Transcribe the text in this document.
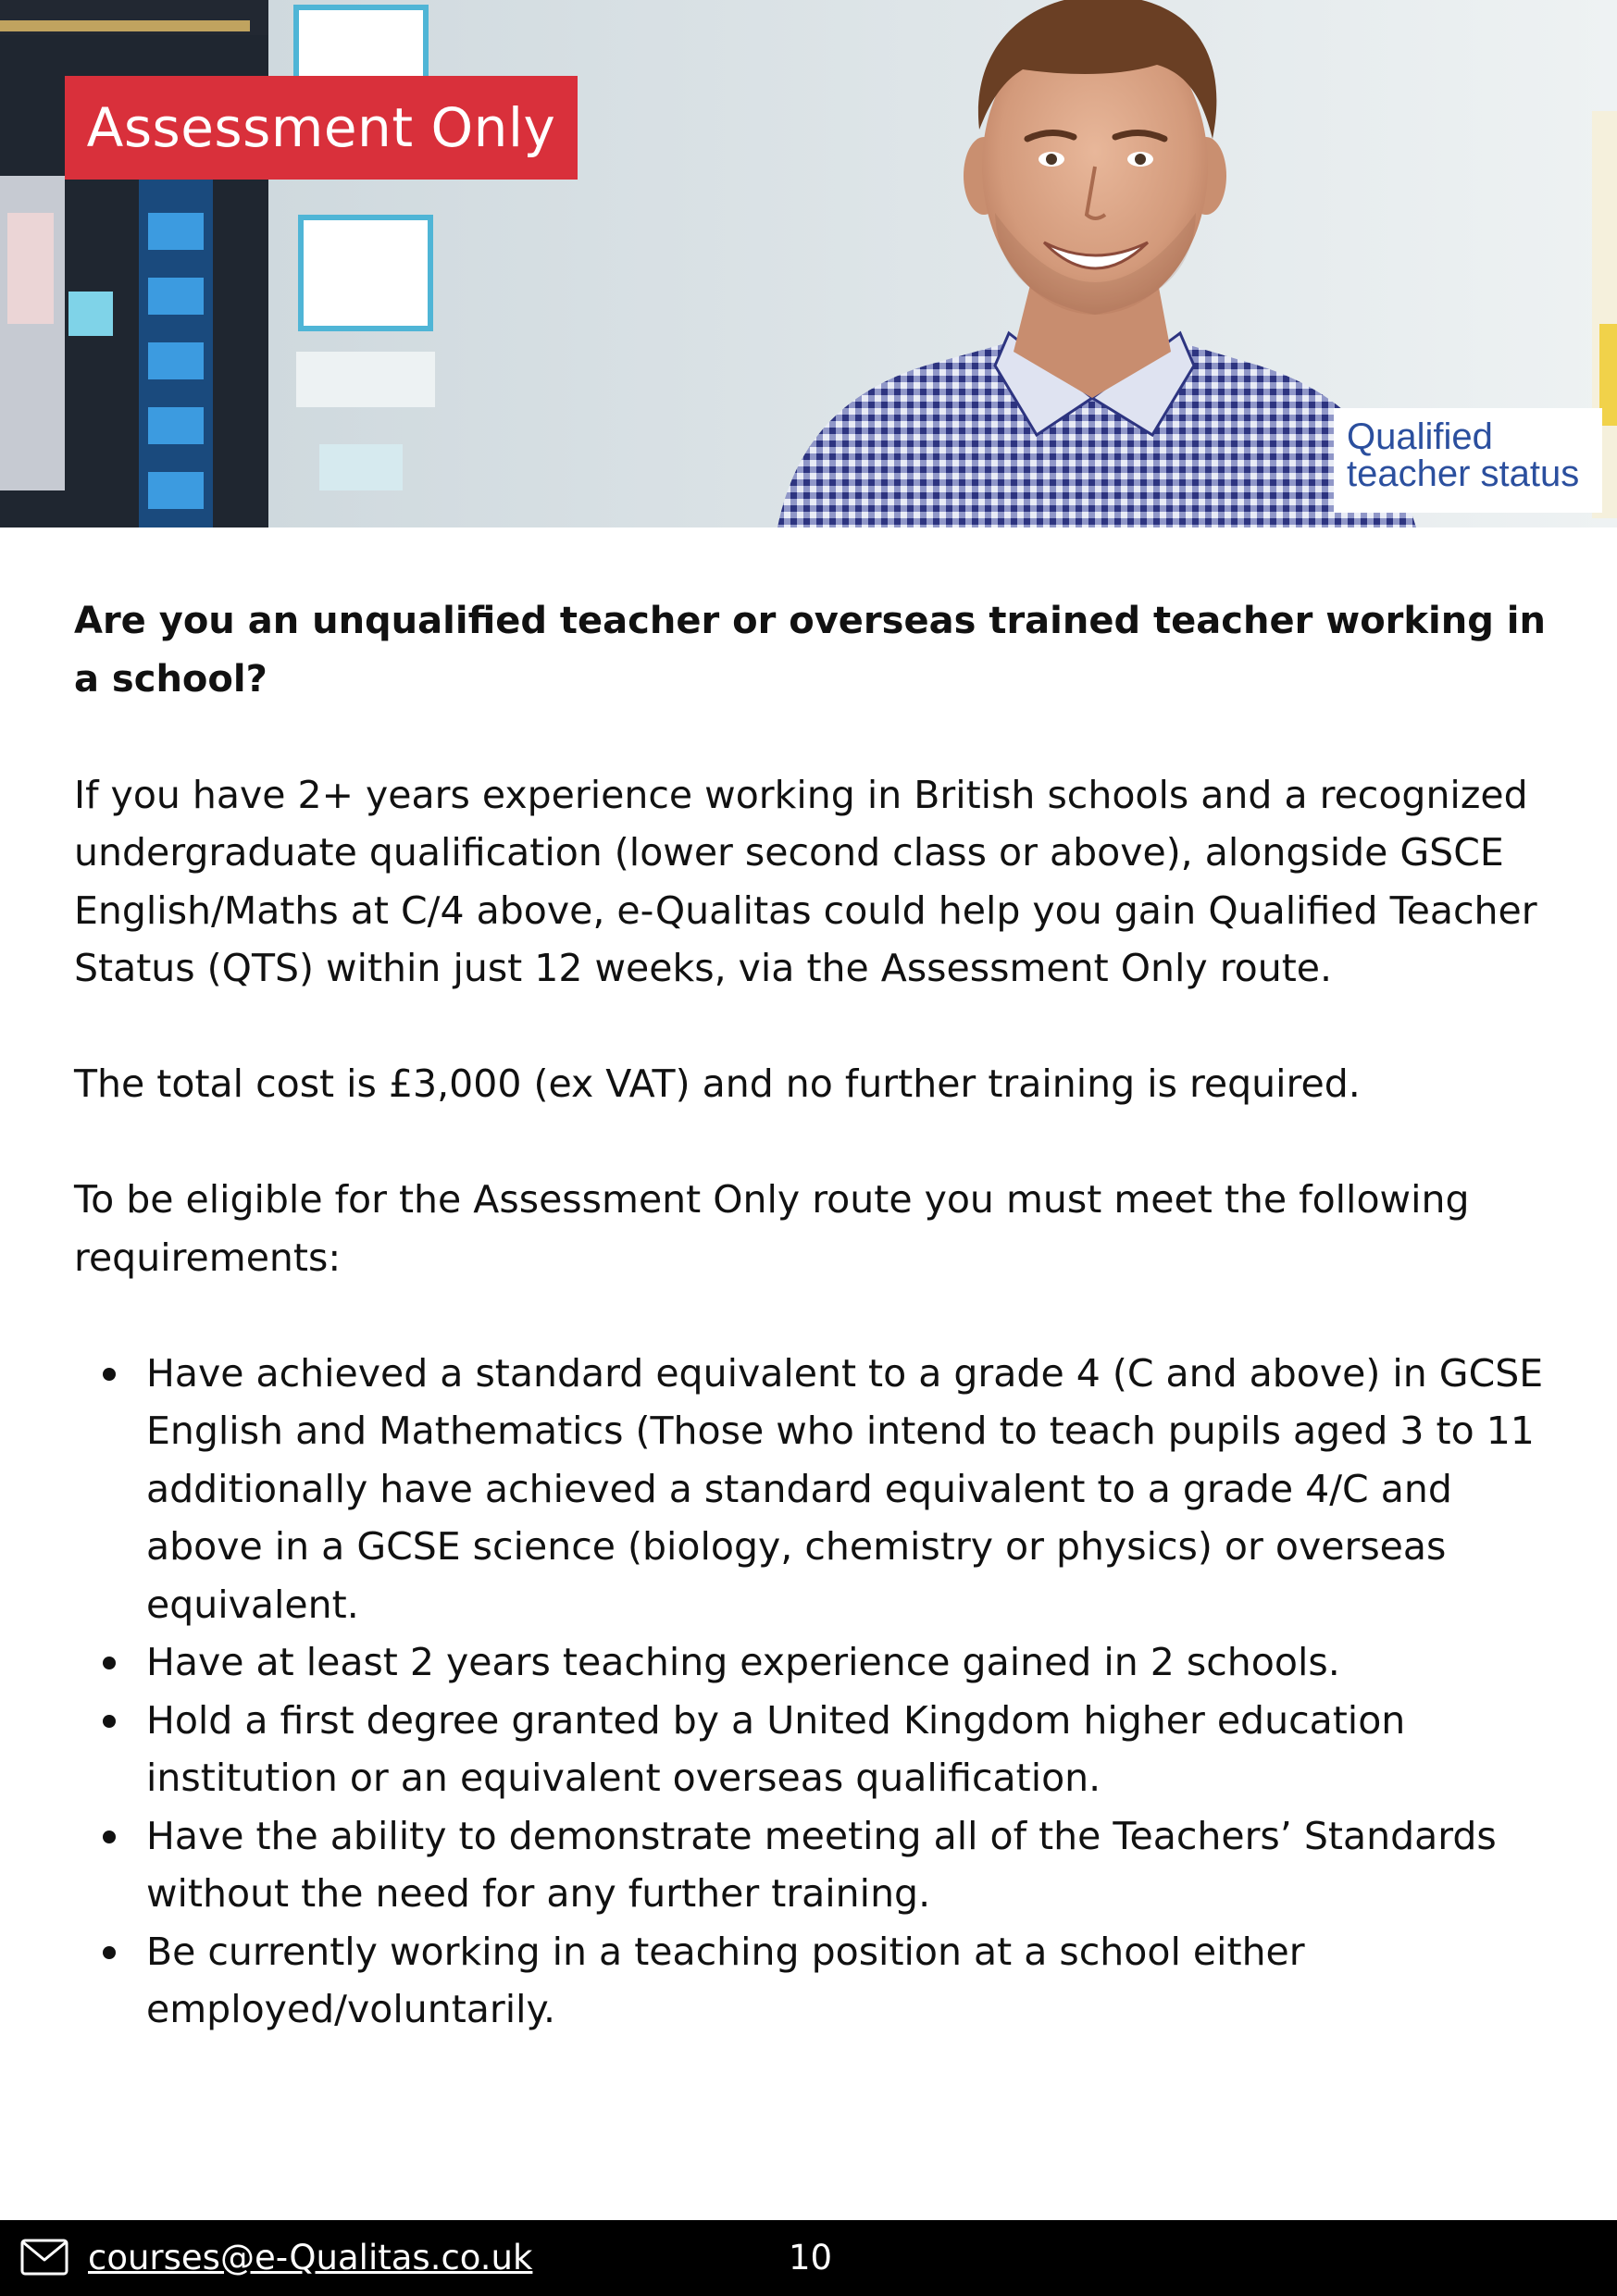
Assessment Only
Qualified
teacher status

Are you an unqualified teacher or overseas trained teacher working in a school?

If you have 2+ years experience working in British schools and a recognized undergraduate qualification (lower second class or above), alongside GSCE English/Maths at C/4 above, e-Qualitas could help you gain Qualified Teacher Status (QTS) within just 12 weeks, via the Assessment Only route.

The total cost is £3,000 (ex VAT) and no further training is required.

To be eligible for the Assessment Only route you must meet the following requirements:

Have achieved a standard equivalent to a grade 4 (C and above) in GCSE English and Mathematics (Those who intend to teach pupils aged 3 to 11 additionally have achieved a standard equivalent to a grade 4/C and above in a GCSE science (biology, chemistry or physics) or overseas equivalent.
Have at least 2 years teaching experience gained in 2 schools.
Hold a first degree granted by a United Kingdom higher education institution or an equivalent overseas qualification.
Have the ability to demonstrate meeting all of the Teachers’ Standards without the need for any further training.
Be currently working in a teaching position at a school either employed/voluntarily.
courses@e-Qualitas.co.uk	10
